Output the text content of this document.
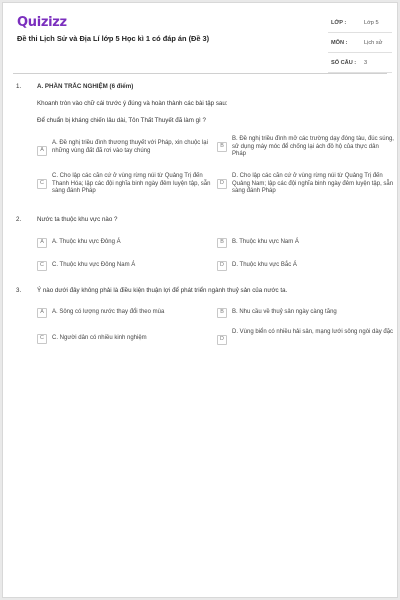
Quizizz
Đề thi Lịch Sử và Địa Lí lớp 5 Học kì 1 có đáp án (Đề 3)
LỚP :	Lớp 5
MÔN :	Lịch sử
SỐ CÂU :	3
1.	A. PHẦN TRẮC NGHIỆM (6 điểm)
Khoanh tròn vào chữ cái trước ý đúng và hoàn thành các bài tập sau:
Để chuẩn bị kháng chiến lâu dài, Tôn Thất Thuyết đã làm gì ?
A
A. Đề nghị triều đình thương thuyết với Pháp, xin chuộc lại những vùng đất đã rơi vào tay chúng
B
B. Đề nghị triều đình mở các trường dạy đóng tàu, đúc súng, sử dụng máy móc để chống lại ách đô hộ của thực dân Pháp
C
C. Cho lập các căn cứ ở vùng rừng núi từ Quảng Trị đến Thanh Hóa; lập các đội nghĩa binh ngày đêm luyện tập, sẵn sàng đánh Pháp
D
D. Cho lập các căn cứ ở vùng rừng núi từ Quảng Trị đến Quảng Nam; lập các đội nghĩa binh ngày đêm luyện tập, sẵn sàng đánh Pháp
2.	Nước ta thuộc khu vực nào ?
A	A. Thuộc khu vực Đông Á	B	B. Thuộc khu vực Nam Á
C	C. Thuộc khu vực Đông Nam Á	D	D. Thuộc khu vực Bắc Á
3.	Ý nào dưới đây không phải là điều kiện thuận lợi để phát triển ngành thuỷ sản của nước ta.
A	A. Sông có lượng nước thay đổi theo mùa	B	B. Nhu cầu về thuỷ sản ngày càng tăng
C	C. Người dân có nhiều kinh nghiệm	D
D. Vùng biển có nhiều hải sản, mạng lưới sông ngòi dày đặc
